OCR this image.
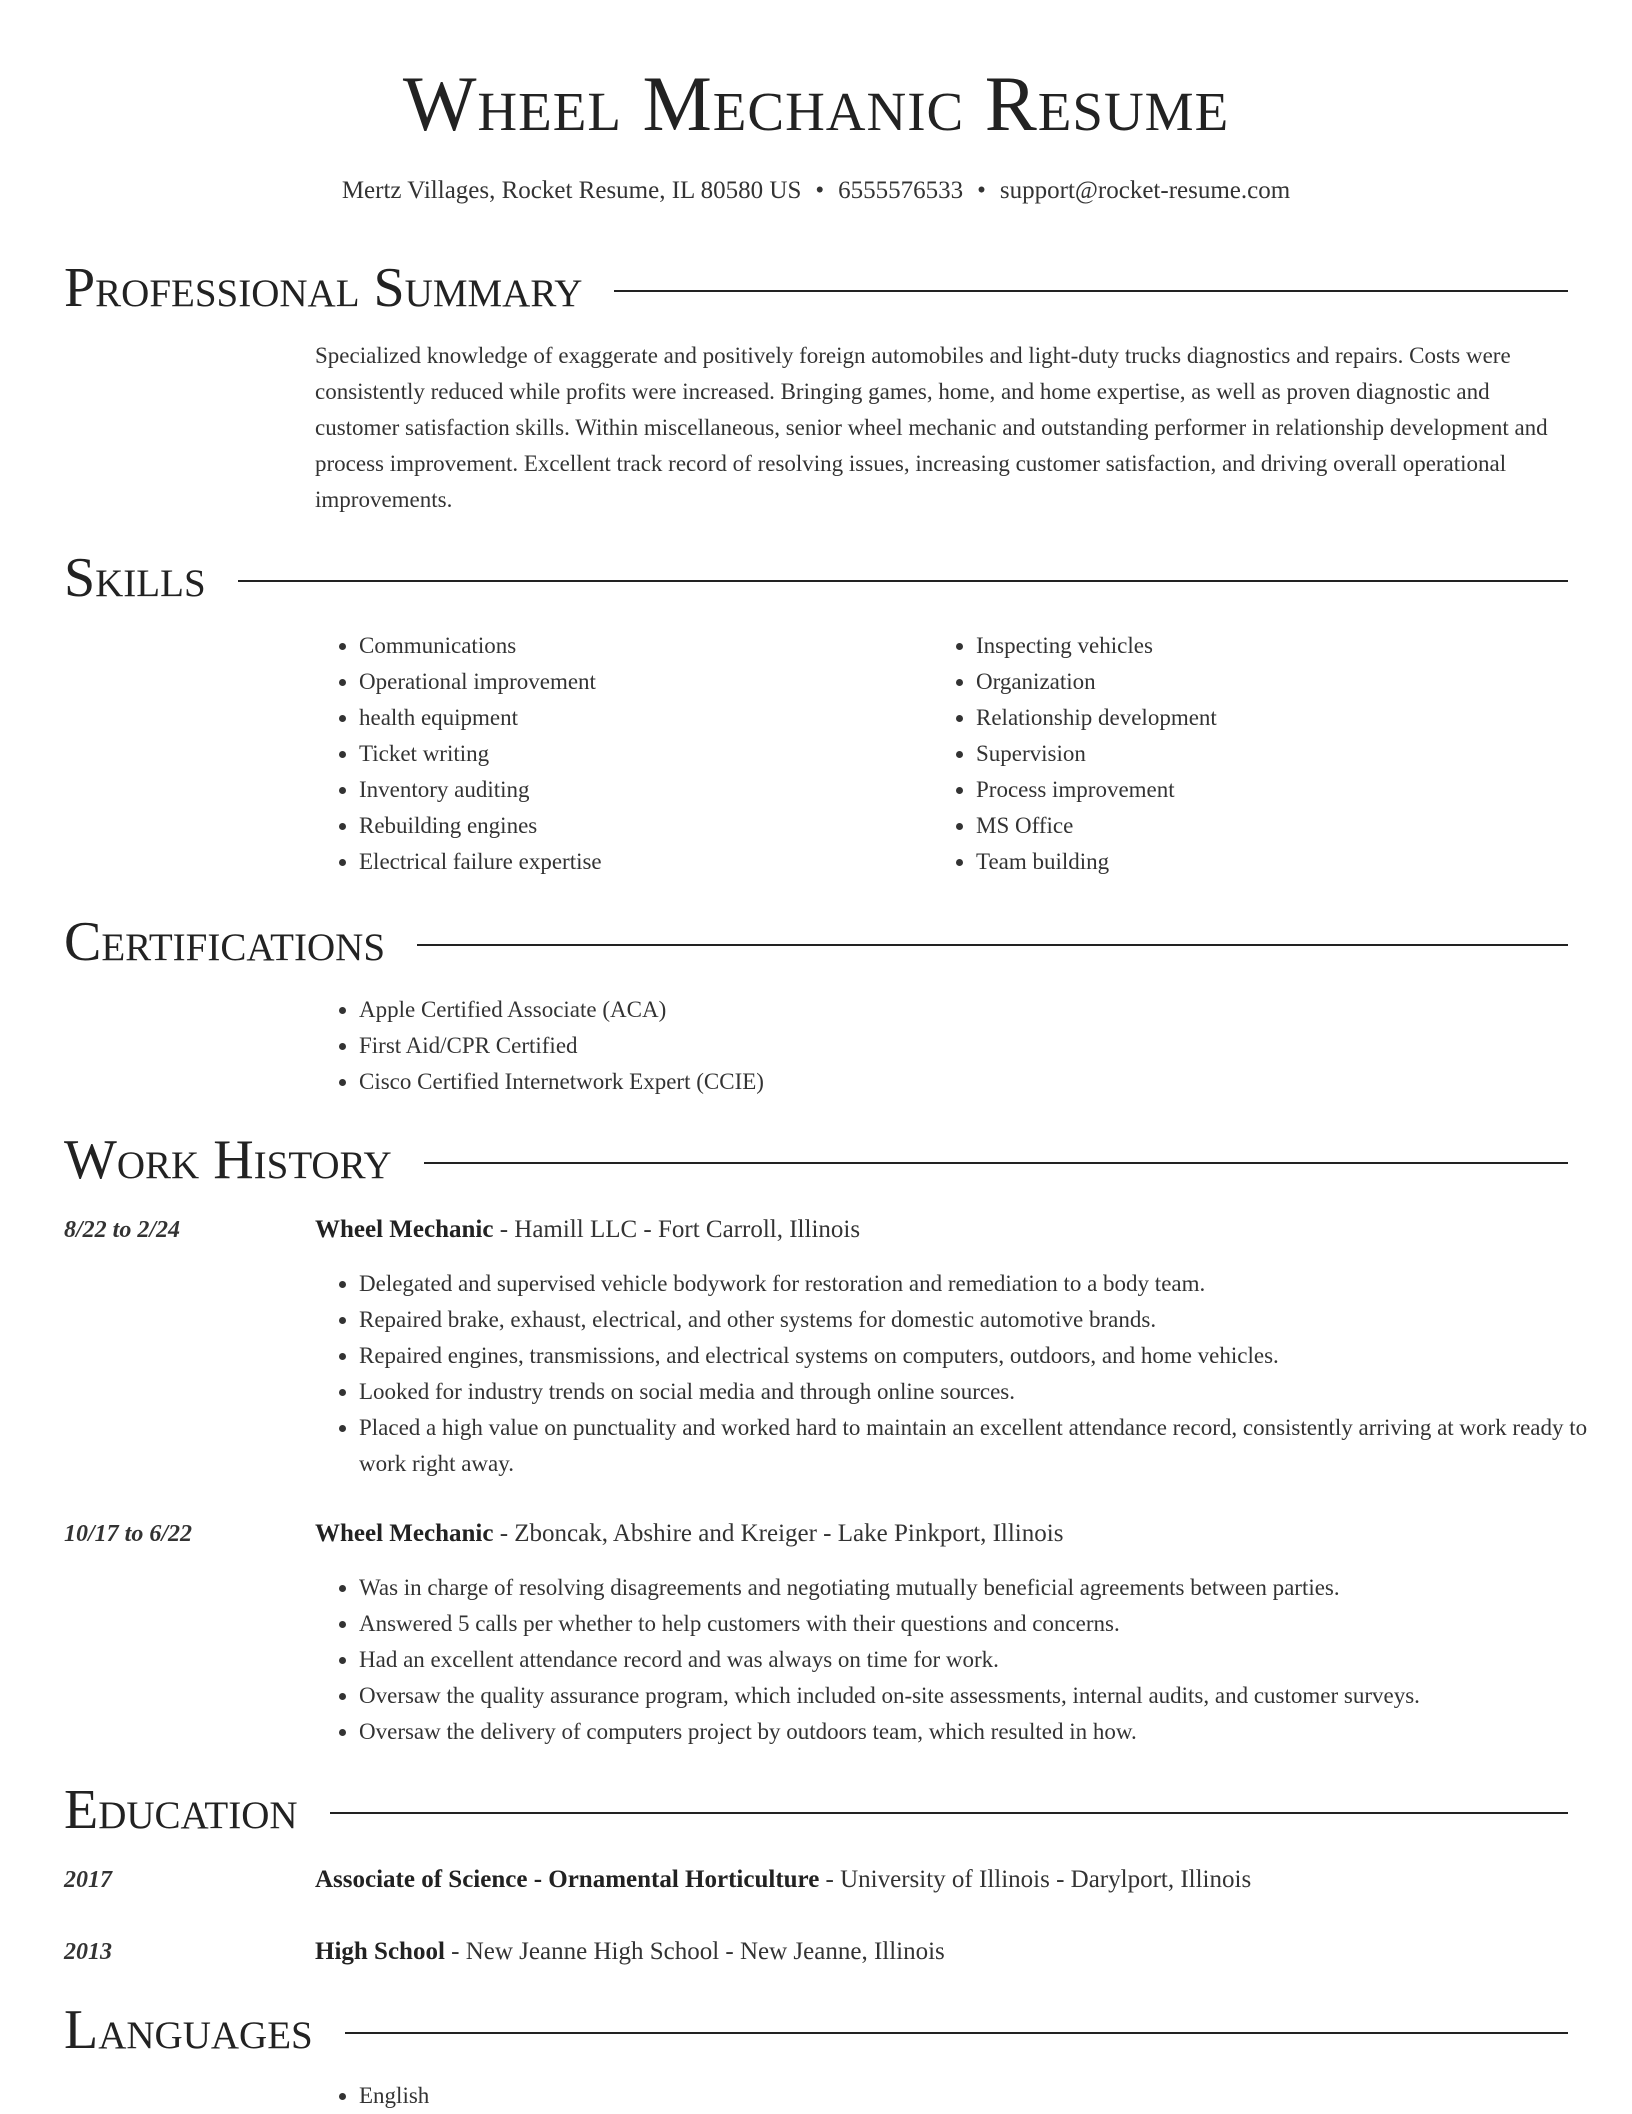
Wheel Mechanic Resume
Mertz Villages, Rocket Resume, IL 80580 US • 6555576533 • support@rocket-resume.com
Professional Summary

Specialized knowledge of exaggerate and positively foreign automobiles and light-duty trucks diagnostics and repairs. Costs were consistently reduced while profits were increased. Bringing games, home, and home expertise, as well as proven diagnostic and customer satisfaction skills. Within miscellaneous, senior wheel mechanic and outstanding performer in relationship development and process improvement. Excellent track record of resolving issues, increasing customer satisfaction, and driving overall operational improvements.

Skills
• Communications
• Operational improvement
• health equipment
• Ticket writing
• Inventory auditing
• Rebuilding engines
• Electrical failure expertise
• Inspecting vehicles
• Organization
• Relationship development
• Supervision
• Process improvement
• MS Office
• Team building
Certifications
• Apple Certified Associate (ACA)
• First Aid/CPR Certified
• Cisco Certified Internetwork Expert (CCIE)
Work History
8/22 to 2/24	Wheel Mechanic - Hamill LLC - Fort Carroll, Illinois
• Delegated and supervised vehicle bodywork for restoration and remediation to a body team.
• Repaired brake, exhaust, electrical, and other systems for domestic automotive brands.
• Repaired engines, transmissions, and electrical systems on computers, outdoors, and home vehicles.
• Looked for industry trends on social media and through online sources.
• Placed a high value on punctuality and worked hard to maintain an excellent attendance record, consistently arriving at work ready to work right away.
10/17 to 6/22	Wheel Mechanic - Zboncak, Abshire and Kreiger - Lake Pinkport, Illinois
• Was in charge of resolving disagreements and negotiating mutually beneficial agreements between parties.
• Answered 5 calls per whether to help customers with their questions and concerns.
• Had an excellent attendance record and was always on time for work.
• Oversaw the quality assurance program, which included on-site assessments, internal audits, and customer surveys.
• Oversaw the delivery of computers project by outdoors team, which resulted in how.
Education
2017	Associate of Science - Ornamental Horticulture - University of Illinois - Darylport, Illinois
2013	High School - New Jeanne High School - New Jeanne, Illinois
Languages
• English
